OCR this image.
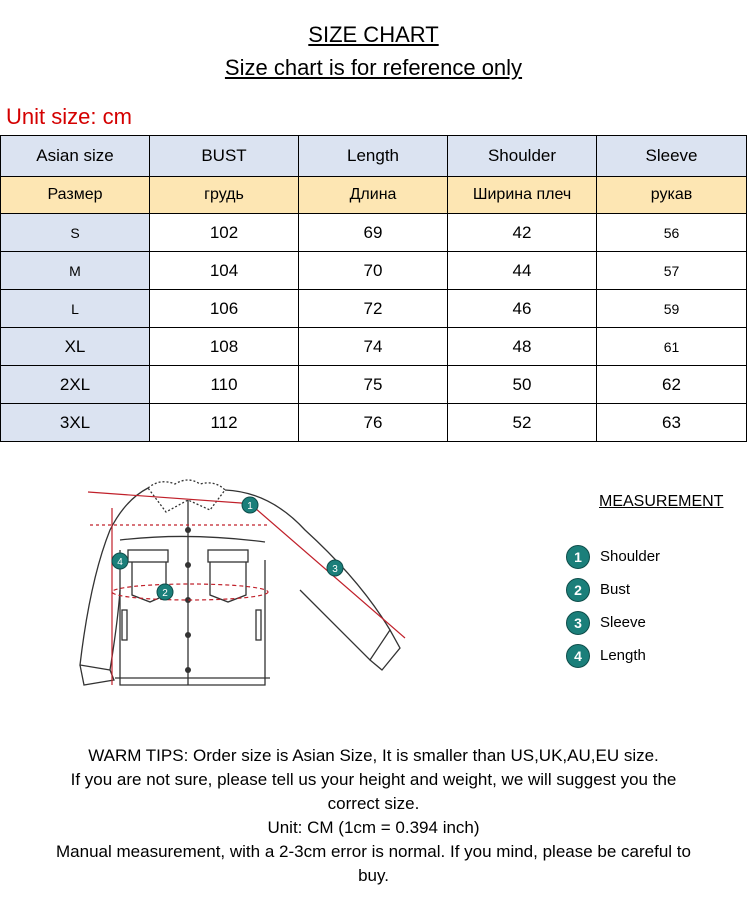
SIZE CHART
Size chart is for reference only
Unit size: cm
Asian size	BUST	Length	Shoulder	Sleeve
Размер	грудь	Длина	Ширина плеч	рукав
S	102	69	42	56
M	104	70	44	57
L	106	72	46	59
XL	108	74	48	61
2XL	110	75	50	62
3XL	112	76	52	63
1
2
3
4
MEASUREMENT
1	Shoulder
2	Bust
3	Sleeve
4	Length
WARM TIPS: Order size is Asian Size, It is smaller than US,UK,AU,EU size.
If you are not sure, please tell us your height and weight, we will suggest you the
correct size.
Unit: CM (1cm = 0.394 inch)
Manual measurement, with a 2-3cm error is normal. If you mind, please be careful to
buy.
